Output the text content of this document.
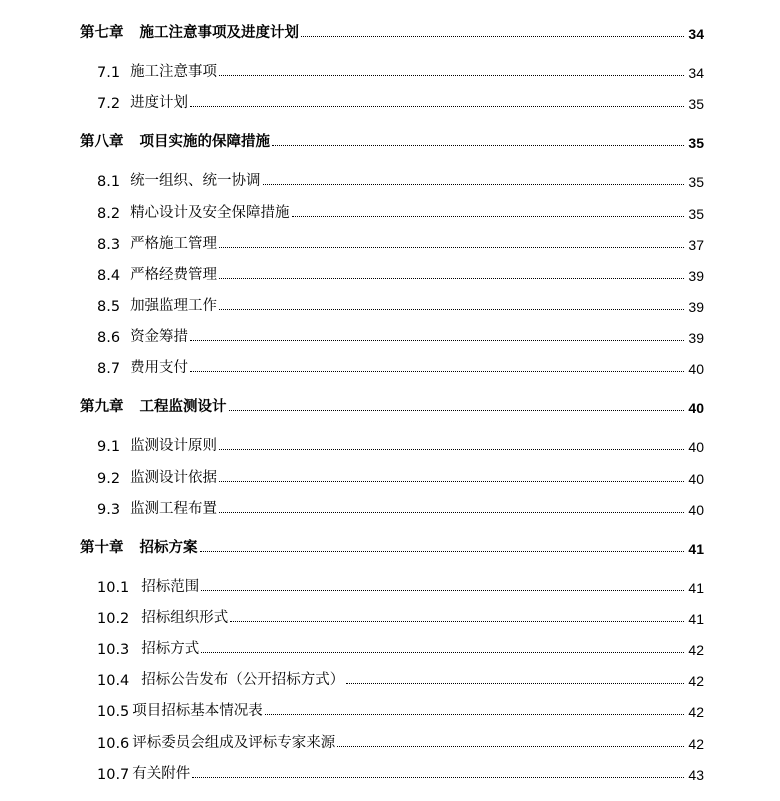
第七章 施工注意事项及进度计划	34
7.1 施工注意事项	34
7.2 进度计划	35
第八章 项目实施的保障措施	35
8.1 统一组织、统一协调	35
8.2 精心设计及安全保障措施	35
8.3 严格施工管理	37
8.4 严格经费管理	39
8.5 加强监理工作	39
8.6 资金筹措	39
8.7 费用支付	40
第九章 工程监测设计	40
9.1 监测设计原则	40
9.2 监测设计依据	40
9.3 监测工程布置	40
第十章 招标方案	41
10.1 招标范围	41
10.2 招标组织形式	41
10.3 招标方式	42
10.4 招标公告发布（公开招标方式）	42
10.5 项目招标基本情况表	42
10.6 评标委员会组成及评标专家来源	42
10.7 有关附件	43
